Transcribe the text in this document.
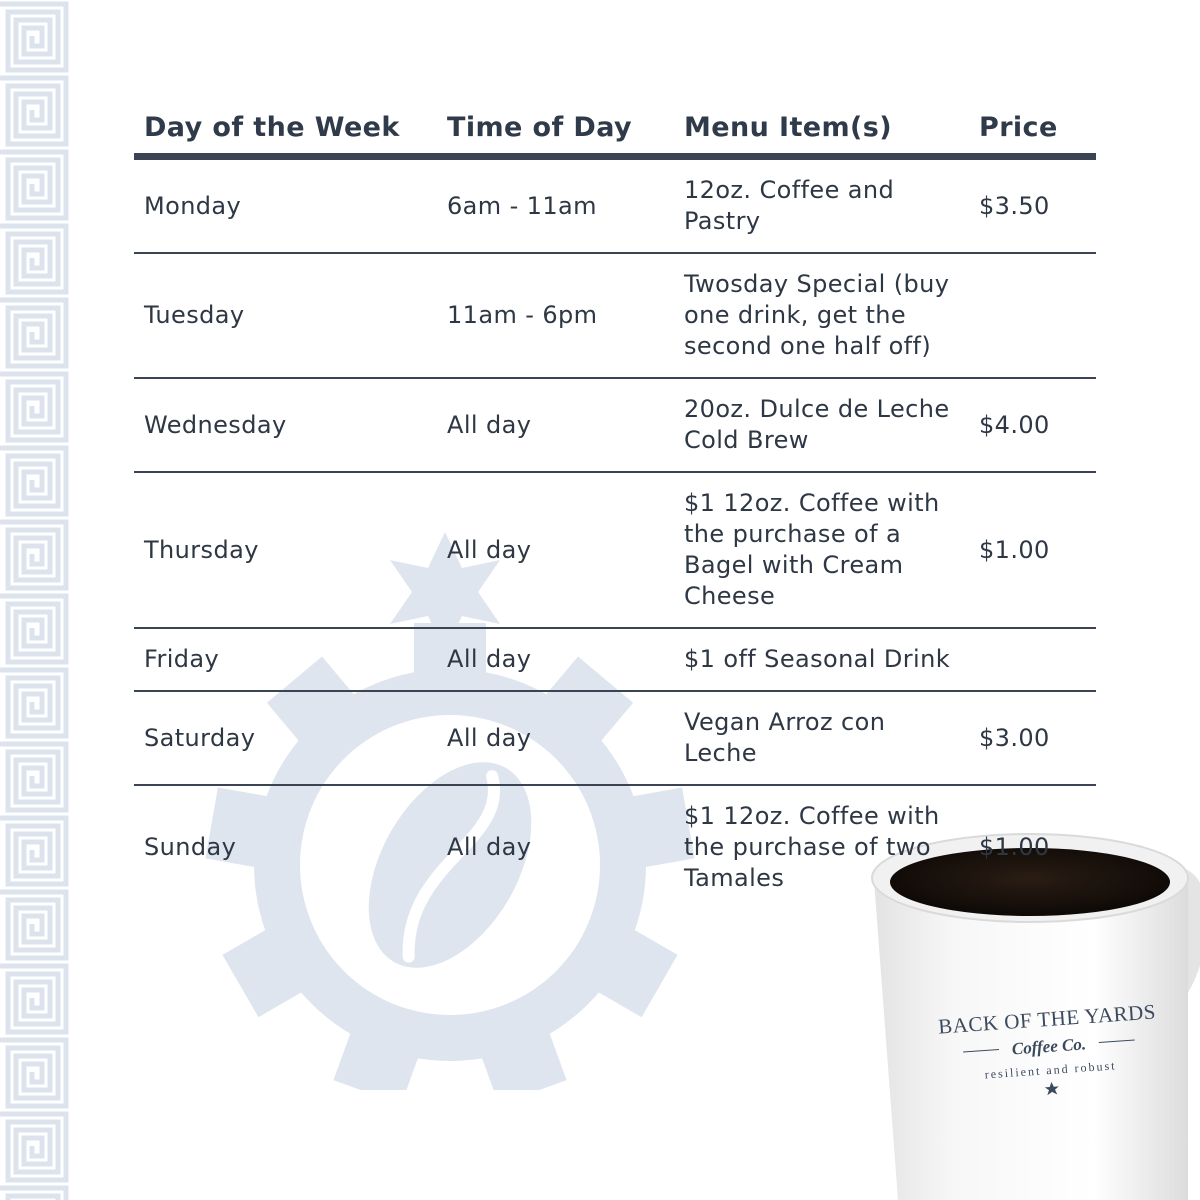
BACK OF THE YARDS
Coffee Co.
resilient and robust
Day of the Week	Time of Day	Menu Item(s)	Price
Monday	6am - 11am	12oz. Coffee and Pastry	$3.50
Tuesday	11am - 6pm	Twosday Special (buy one drink, get the second one half off)	
Wednesday	All day	20oz. Dulce de Leche Cold Brew	$4.00
Thursday	All day	$1 12oz. Coffee with the purchase of a Bagel with Cream Cheese	$1.00
Friday	All day	$1 off Seasonal Drink	
Saturday	All day	Vegan Arroz con Leche	$3.00
Sunday	All day	$1 12oz. Coffee with the purchase of two Tamales	$1.00
